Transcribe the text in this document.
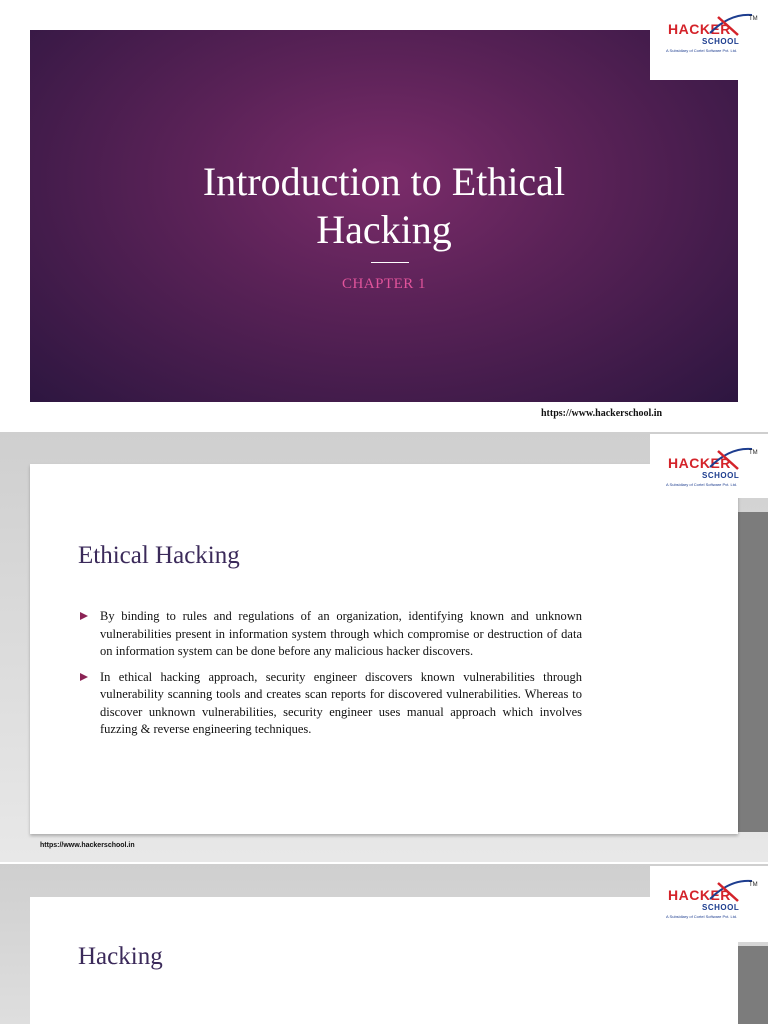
Introduction to Ethical
Hacking
CHAPTER 1
HACKER
TM
SCHOOL
A Subsidiary of Cortel Software Pvt. Ltd.
https://www.hackerschool.in
Ethical Hacking
By binding to rules and regulations of an organization, identifying known and unknown vulnerabilities present in information system through which compromise or destruction of data on information system can be done before any malicious hacker discovers.
In ethical hacking approach, security engineer discovers known vulnerabilities through vulnerability scanning tools and creates scan reports for discovered vulnerabilities. Whereas to discover unknown vulnerabilities, security engineer uses manual approach which involves fuzzing & reverse engineering techniques.
HACKER
TM
SCHOOL
A Subsidiary of Cortel Software Pvt. Ltd.
https://www.hackerschool.in
Hacking
HACKER
TM
SCHOOL
A Subsidiary of Cortel Software Pvt. Ltd.
